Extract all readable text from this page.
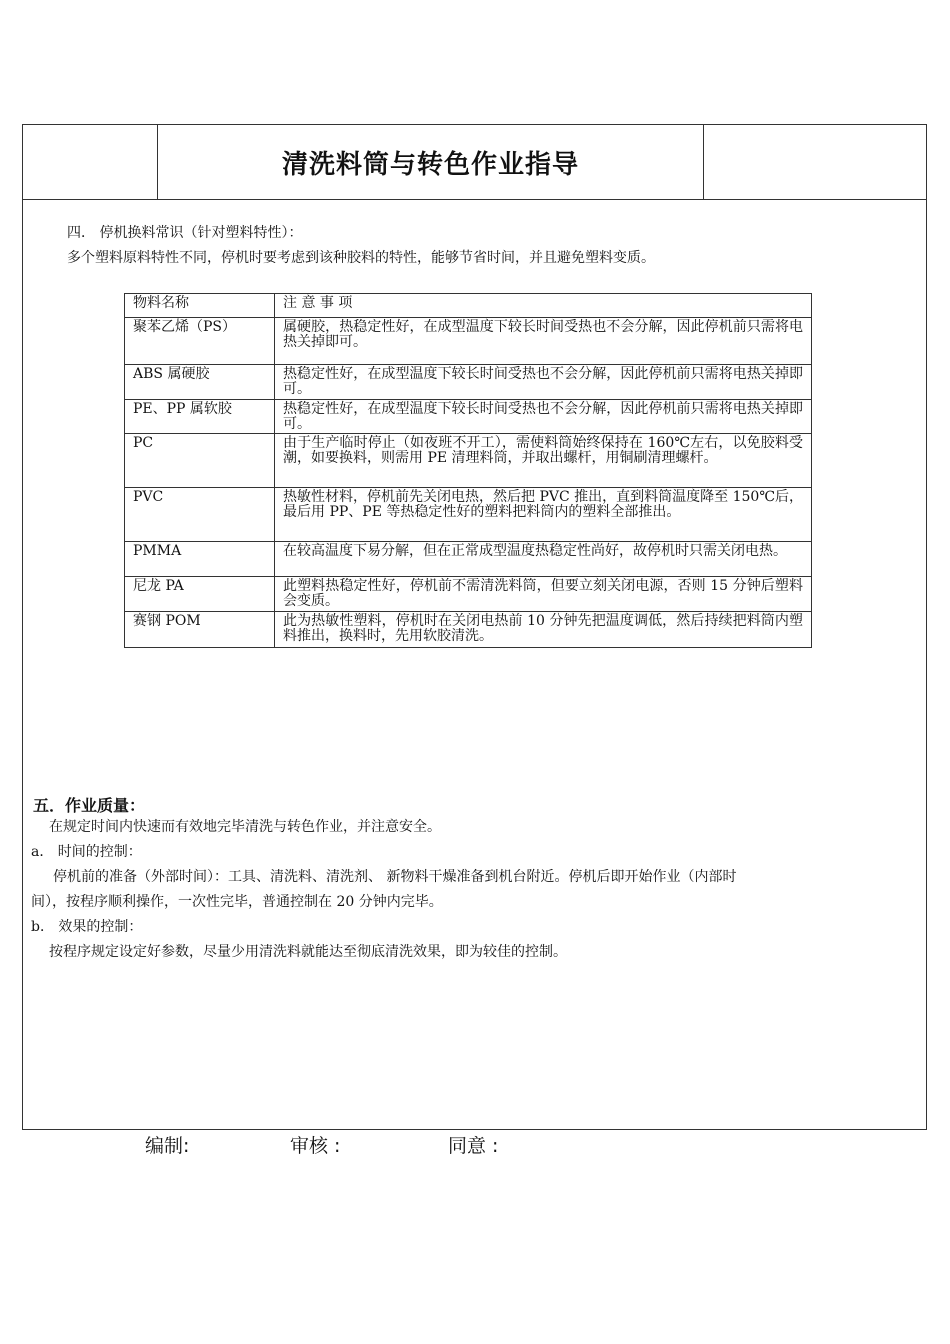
清洗料筒与转色作业指导
四． 停机换料常识（针对塑料特性）：
多个塑料原料特性不同，停机时要考虑到该种胶料的特性，能够节省时间，并且避免塑料变质。
物料名称	注 意 事 项
聚苯乙烯（PS）	属硬胶，热稳定性好，在成型温度下较长时间受热也不会分解，因此停机前只需将电热关掉即可。
ABS 属硬胶	热稳定性好，在成型温度下较长时间受热也不会分解，因此停机前只需将电热关掉即可。
PE、PP 属软胶	热稳定性好，在成型温度下较长时间受热也不会分解，因此停机前只需将电热关掉即可。
PC	由于生产临时停止（如夜班不开工），需使料筒始终保持在 160℃左右，以免胶料受潮，如要换料，则需用 PE 清理料筒，并取出螺杆，用铜刷清理螺杆。
PVC	热敏性材料，停机前先关闭电热，然后把 PVC 推出，直到料筒温度降至 150℃后，最后用 PP、PE 等热稳定性好的塑料把料筒内的塑料全部推出。
PMMA	在较高温度下易分解，但在正常成型温度热稳定性尚好，故停机时只需关闭电热。
尼龙 PA	此塑料热稳定性好，停机前不需清洗料筒，但要立刻关闭电源，否则 15 分钟后塑料会变质。
赛钢 POM	此为热敏性塑料，停机时在关闭电热前 10 分钟先把温度调低，然后持续把料筒内塑料推出，换料时，先用软胶清洗。
五．作业质量：
在规定时间内快速而有效地完毕清洗与转色作业，并注意安全。
a． 时间的控制：
停机前的准备（外部时间）：工具、清洗料、清洗剂、 新物料干燥准备到机台附近。停机后即开始作业（内部时
间），按程序顺利操作，一次性完毕，普通控制在 20 分钟内完毕。
b． 效果的控制：
按程序规定设定好参数，尽量少用清洗料就能达至彻底清洗效果，即为较佳的控制。
编制:	审核 :	同意 :
